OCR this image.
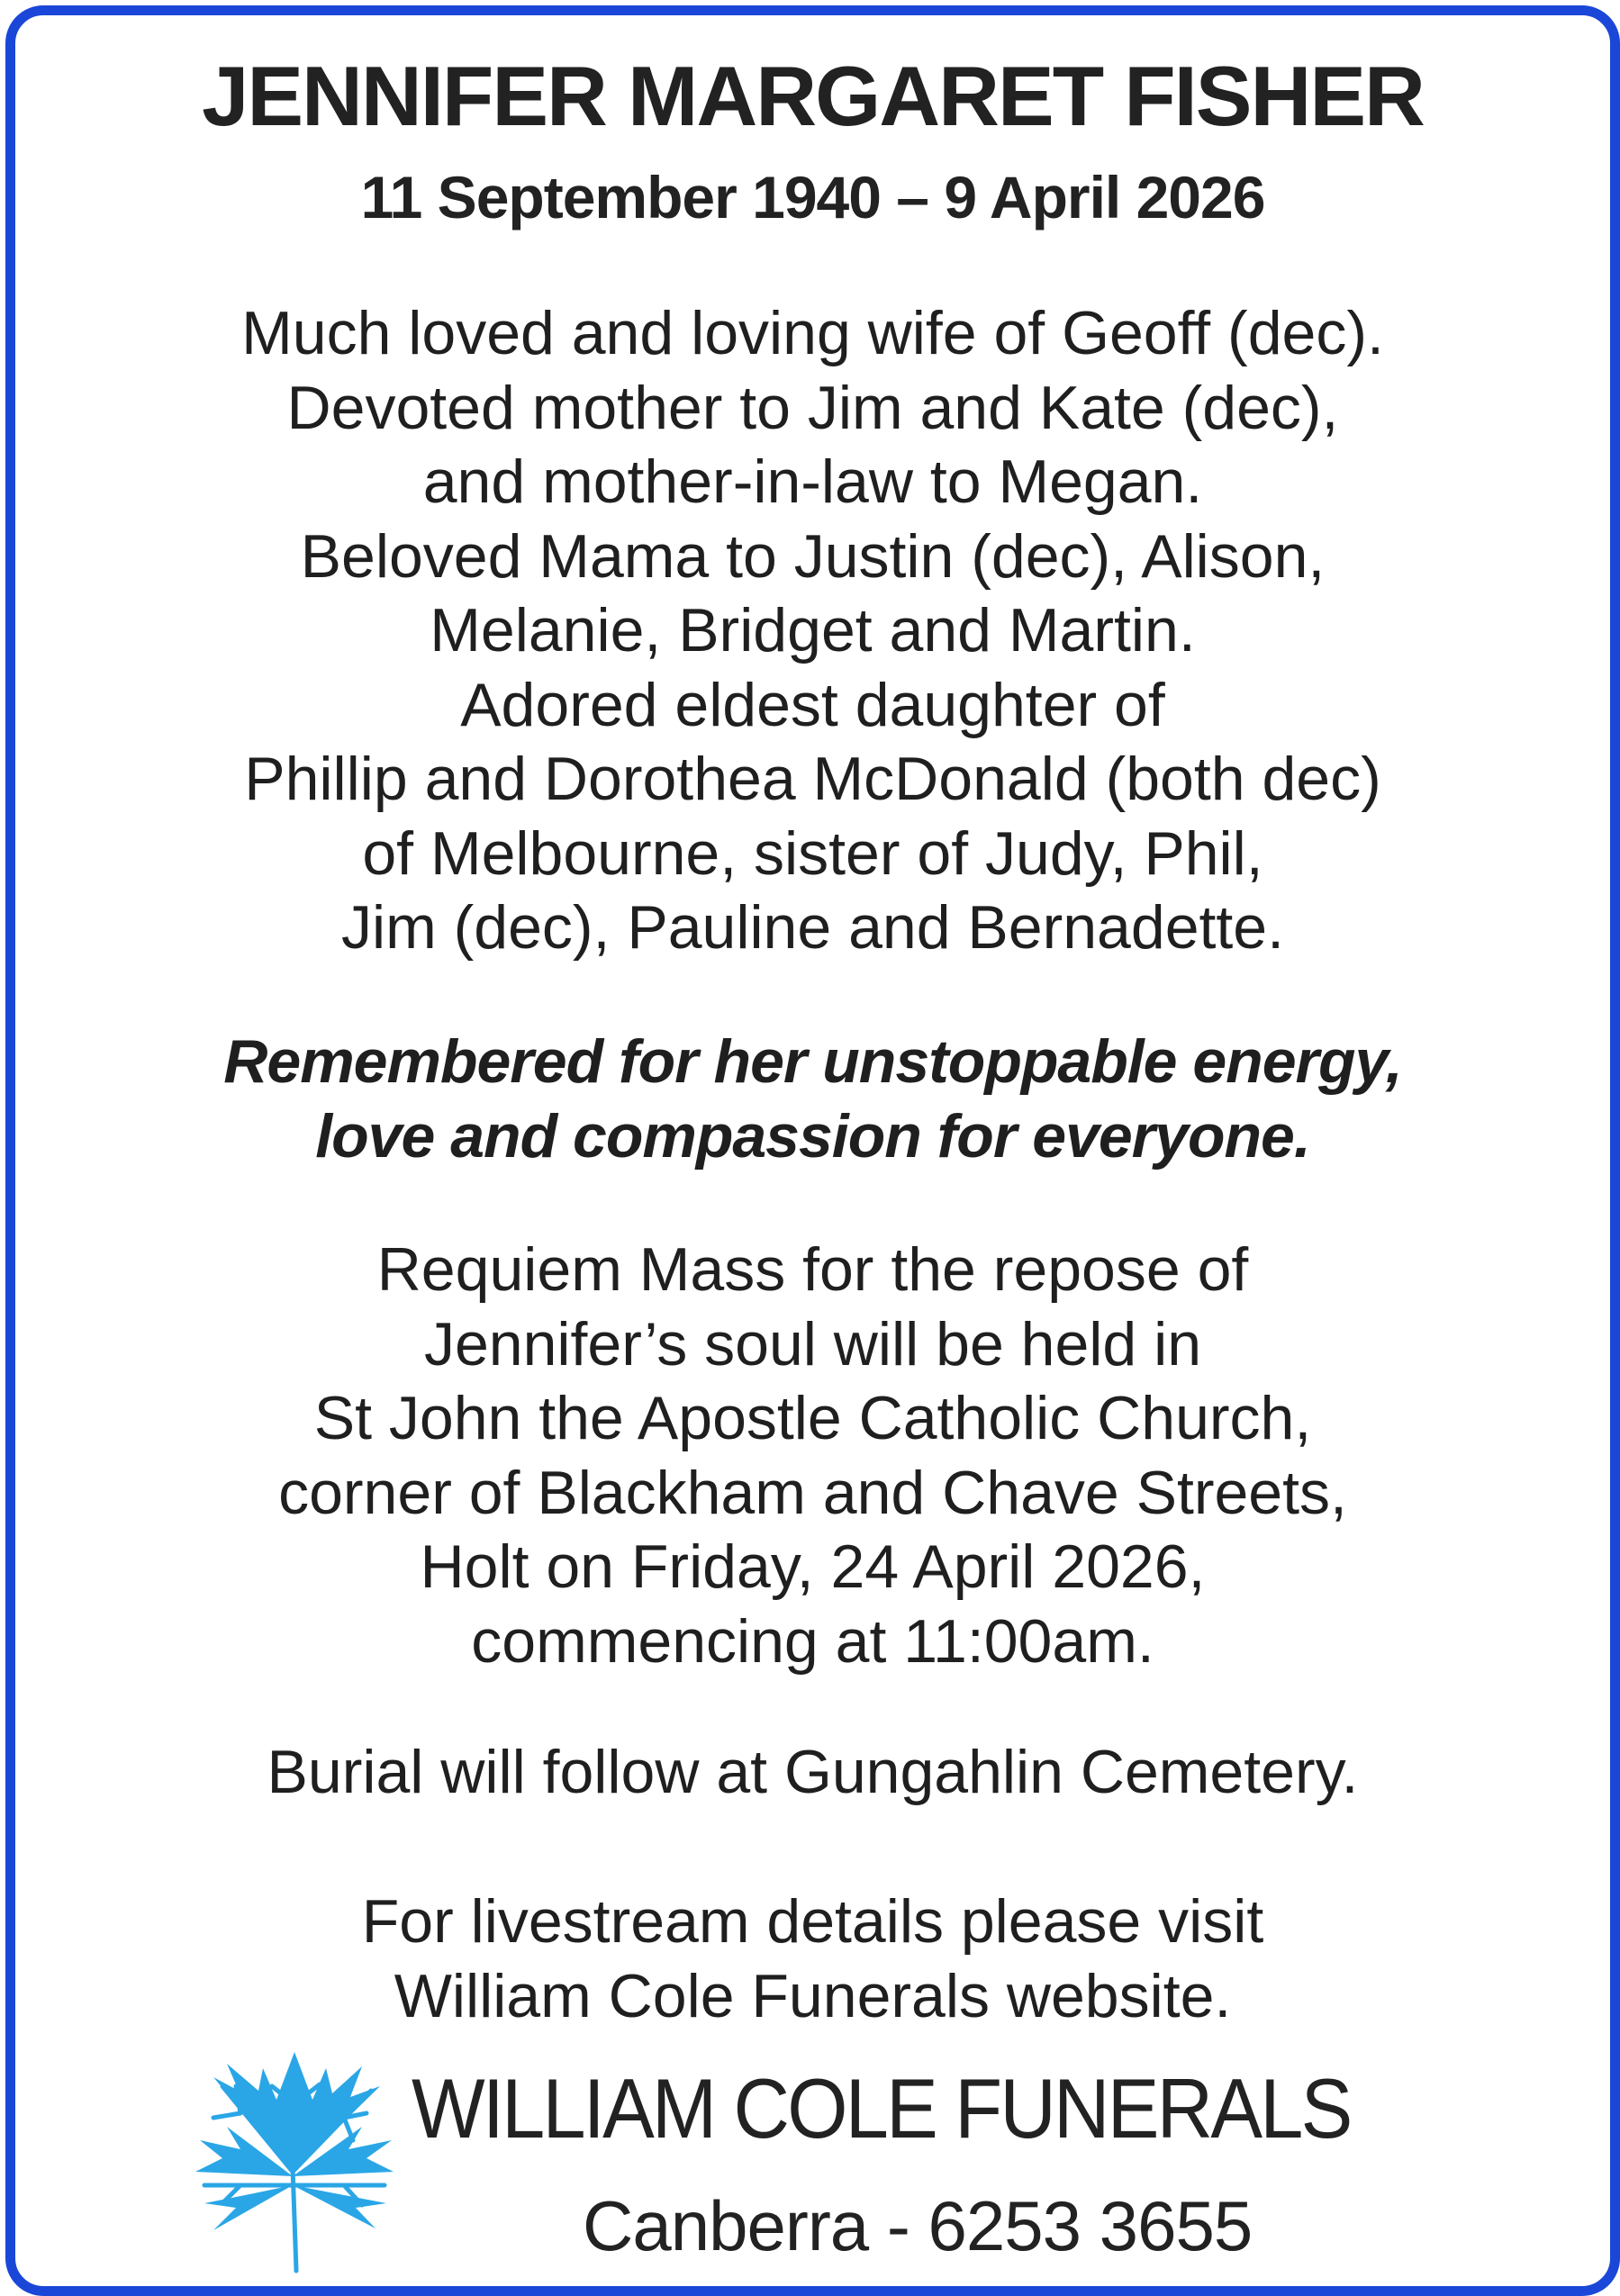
JENNIFER MARGARET FISHER
11 September 1940 – 9 April 2026
Much loved and loving wife of Geoff (dec).
Devoted mother to Jim and Kate (dec),
and mother-in-law to Megan.
Beloved Mama to Justin (dec), Alison,
Melanie, Bridget and Martin.
Adored eldest daughter of
Phillip and Dorothea McDonald (both dec)
of Melbourne, sister of Judy, Phil,
Jim (dec), Pauline and Bernadette.
Remembered for her unstoppable energy,
love and compassion for everyone.
Requiem Mass for the repose of
Jennifer’s soul will be held in
St John the Apostle Catholic Church,
corner of Blackham and Chave Streets,
Holt on Friday, 24 April 2026,
commencing at 11:00am.
Burial will follow at Gungahlin Cemetery.
For livestream details please visit
William Cole Funerals website.
WILLIAM COLE FUNERALS
Canberra - 6253 3655
